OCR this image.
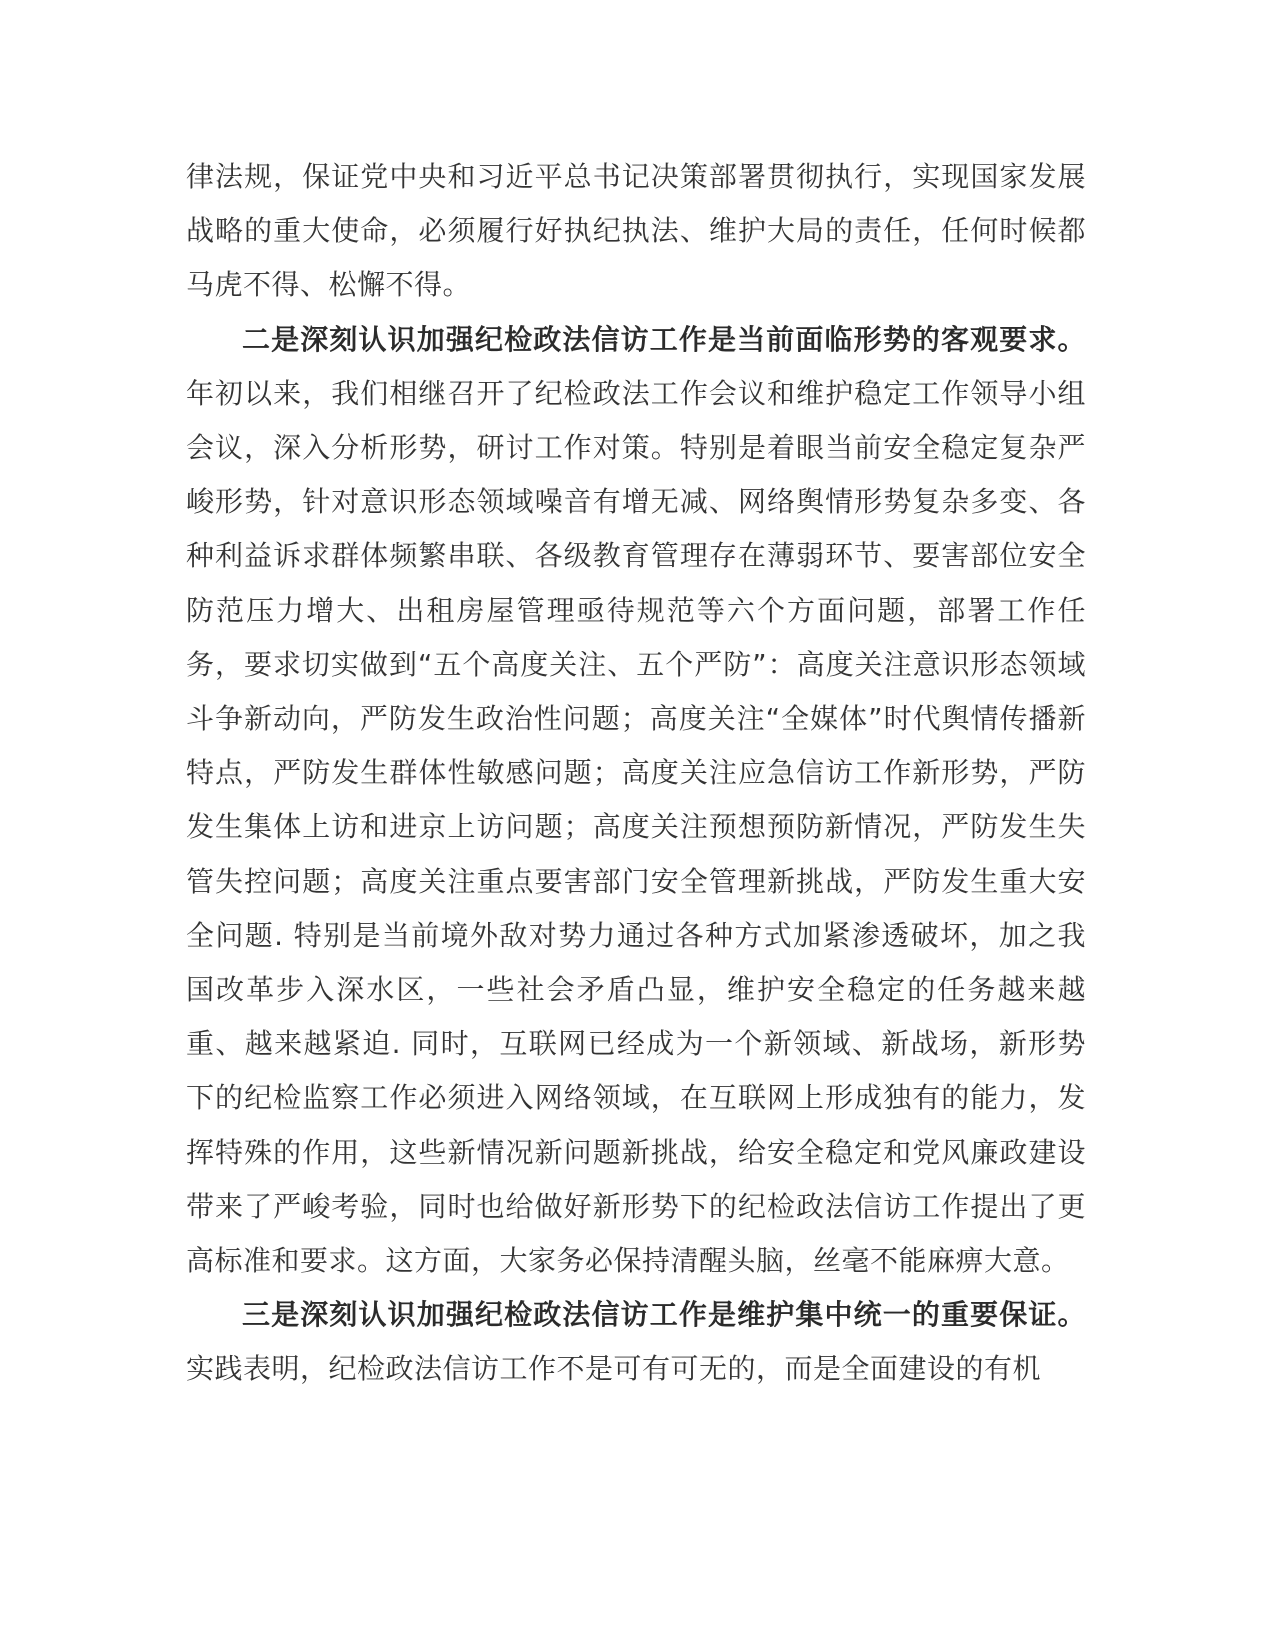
律法规，保证党中央和习近平总书记决策部署贯彻执行，实现国家发展战略的重大使命，必须履行好执纪执法、维护大局的责任，任何时候都马虎不得、松懈不得。

二是深刻认识加强纪检政法信访工作是当前面临形势的客观要求。年初以来，我们相继召开了纪检政法工作会议和维护稳定工作领导小组会议，深入分析形势，研讨工作对策。特别是着眼当前安全稳定复杂严峻形势，针对意识形态领域噪音有增无减、网络舆情形势复杂多变、各种利益诉求群体频繁串联、各级教育管理存在薄弱环节、要害部位安全防范压力增大、出租房屋管理亟待规范等六个方面问题，部署工作任务，要求切实做到“五个高度关注、五个严防”：高度关注意识形态领域斗争新动向，严防发生政治性问题；高度关注“全媒体”时代舆情传播新特点，严防发生群体性敏感问题；高度关注应急信访工作新形势，严防发生集体上访和进京上访问题；高度关注预想预防新情况，严防发生失管失控问题；高度关注重点要害部门安全管理新挑战，严防发生重大安全问题. 特别是当前境外敌对势力通过各种方式加紧渗透破坏，加之我国改革步入深水区，一些社会矛盾凸显，维护安全稳定的任务越来越重、越来越紧迫. 同时，互联网已经成为一个新领域、新战场，新形势下的纪检监察工作必须进入网络领域，在互联网上形成独有的能力，发挥特殊的作用，这些新情况新问题新挑战，给安全稳定和党风廉政建设带来了严峻考验，同时也给做好新形势下的纪检政法信访工作提出了更高标准和要求。这方面，大家务必保持清醒头脑，丝毫不能麻痹大意。

三是深刻认识加强纪检政法信访工作是维护集中统一的重要保证。实践表明，纪检政法信访工作不是可有可无的，而是全面建设的有机
